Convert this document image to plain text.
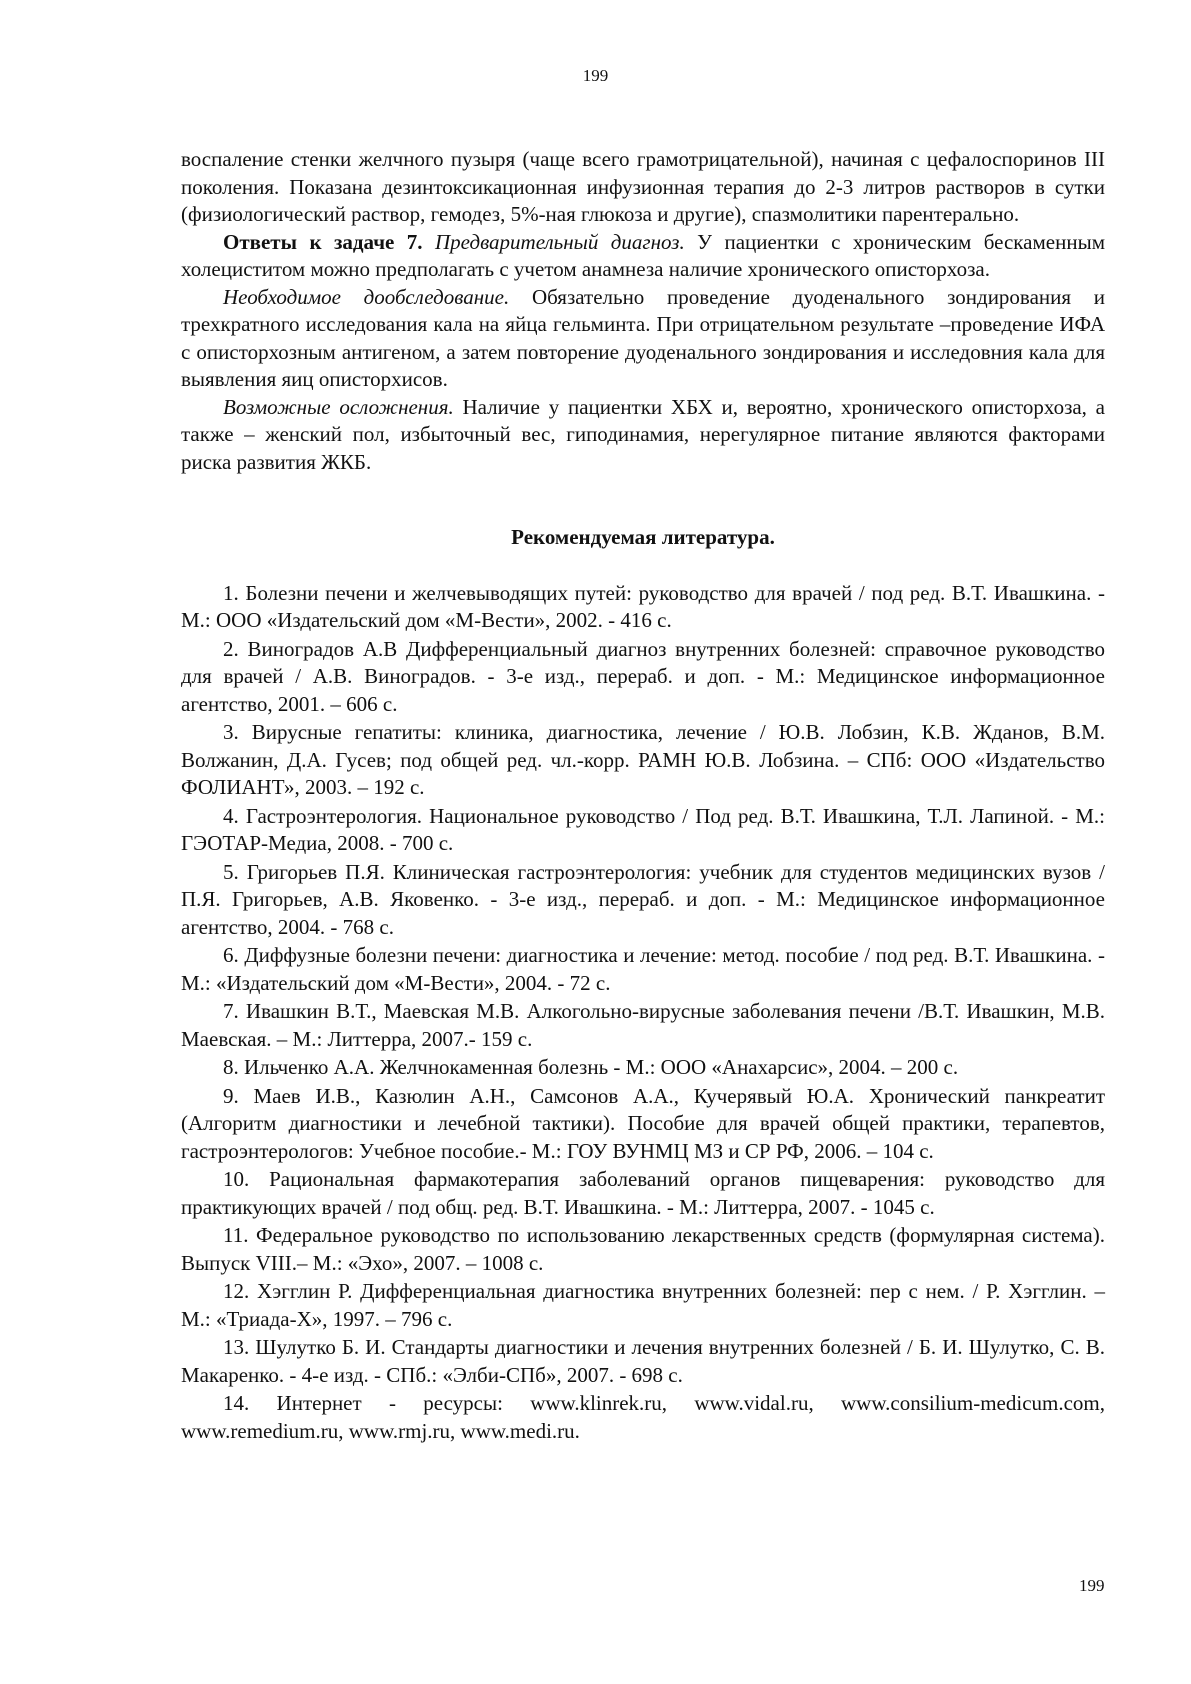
199

воспаление стенки желчного пузыря (чаще всего грамотрицательной), начиная с цефалоспоринов III поколения. Показана дезинтоксикационная инфузионная терапия до 2-3 литров растворов в сутки (физиологический раствор, гемодез, 5%-ная глюкоза и другие), спазмолитики парентерально.

Ответы к задаче 7. Предварительный диагноз. У пациентки с хроническим бескаменным холециститом можно предполагать с учетом анамнеза наличие хронического описторхоза.

Необходимое дообследование. Обязательно проведение дуоденального зондирования и трехкратного исследования кала на яйца гельминта. При отрицательном результате –проведение ИФА с описторхозным антигеном, а затем повторение дуоденального зондирования и исследовния кала для выявления яиц описторхисов.

Возможные осложнения. Наличие у пациентки ХБХ и, вероятно, хронического описторхоза, а также – женский пол, избыточный вес, гиподинамия, нерегулярное питание являются факторами риска развития ЖКБ.

Рекомендуемая литература.

1. Болезни печени и желчевыводящих путей: руководство для врачей / под ред. В.Т. Ивашкина. - М.: ООО «Издательский дом «М-Вести», 2002. - 416 с.

2. Виноградов А.В Дифференциальный диагноз внутренних болезней: справочное руководство для врачей / А.В. Виноградов. - 3-е изд., перераб. и доп. - М.: Медицинское информационное агентство, 2001. – 606 с.

3. Вирусные гепатиты: клиника, диагностика, лечение / Ю.В. Лобзин, К.В. Жданов, В.М. Волжанин, Д.А. Гусев; под общей ред. чл.-корр. РАМН Ю.В. Лобзина. – СПб: ООО «Издательство ФОЛИАНТ», 2003. – 192 с.

4. Гастроэнтерология. Национальное руководство / Под ред. В.Т. Ивашкина, Т.Л. Лапиной. - М.: ГЭОТАР-Медиа, 2008. - 700 с.

5. Григорьев П.Я. Клиническая гастроэнтерология: учебник для студентов медицинских вузов / П.Я. Григорьев, А.В. Яковенко. - 3-е изд., перераб. и доп. - М.: Медицинское информационное агентство, 2004. - 768 с.

6. Диффузные болезни печени: диагностика и лечение: метод. пособие / под ред. В.Т. Ивашкина. - М.: «Издательский дом «М-Вести», 2004. - 72 с.

7. Ивашкин В.Т., Маевская М.В. Алкогольно-вирусные заболевания печени /В.Т. Ивашкин, М.В. Маевская. – М.: Литтерра, 2007.- 159 с.

8. Ильченко А.А. Желчнокаменная болезнь - М.: ООО «Анахарсис», 2004. – 200 с.

9. Маев И.В., Казюлин А.Н., Самсонов А.А., Кучерявый Ю.А. Хронический панкреатит (Алгоритм диагностики и лечебной тактики). Пособие для врачей общей практики, терапевтов, гастроэнтерологов: Учебное пособие.- М.: ГОУ ВУНМЦ МЗ и СР РФ, 2006. – 104 с.

10. Рациональная фармакотерапия заболеваний органов пищеварения: руководство для практикующих врачей / под общ. ред. В.Т. Ивашкина. - М.: Литтерра, 2007. - 1045 с.

11. Федеральное руководство по использованию лекарственных средств (формулярная система). Выпуск VIII.– М.: «Эхо», 2007. – 1008 с.

12. Хэгглин Р. Дифференциальная диагностика внутренних болезней: пер с нем. / Р. Хэгглин. – М.: «Триада-Х», 1997. – 796 с.

13. Шулутко Б. И. Стандарты диагностики и лечения внутренних болезней / Б. И. Шулутко, С. В. Макаренко. - 4-е изд. - СПб.: «Элби-СПб», 2007. - 698 с.

14. Интернет - ресурсы: www.klinrek.ru, www.vidal.ru, www.consilium-medicum.com, www.remedium.ru, www.rmj.ru, www.medi.ru.

199
